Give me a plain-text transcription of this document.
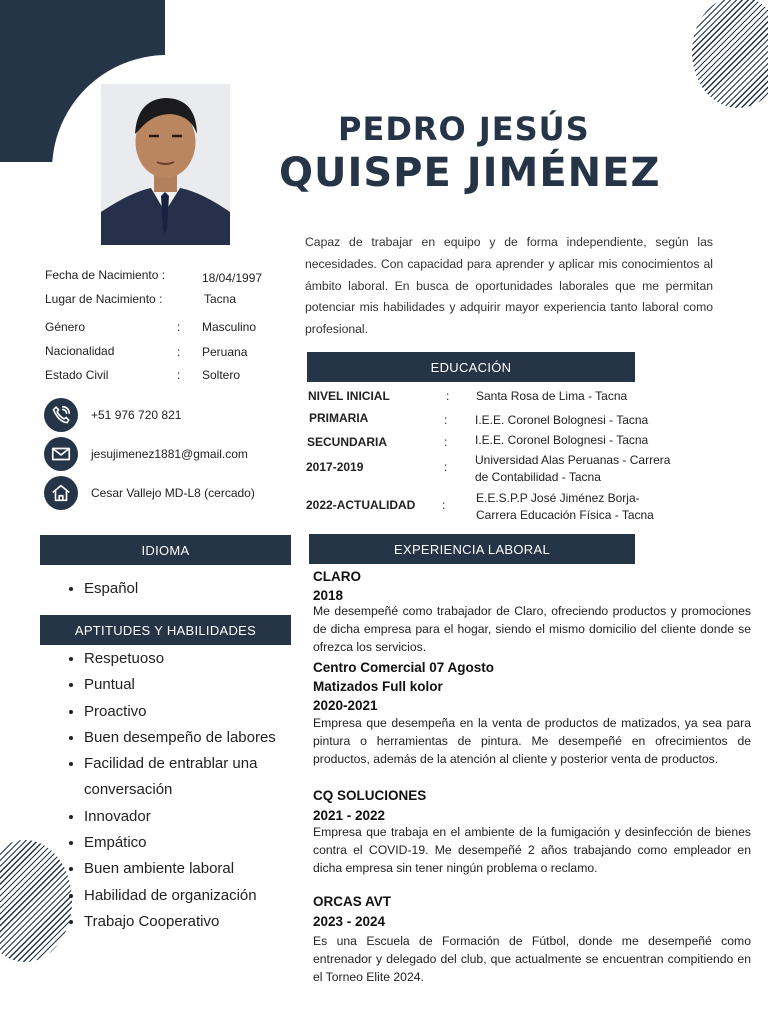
PEDRO JESÚS
QUISPE JIMÉNEZ
Capaz de trabajar en equipo y de forma independiente, según las necesidades. Con capacidad para aprender y aplicar mis conocimientos al ámbito laboral. En busca de oportunidades laborales que me permitan potenciar mis habilidades y adquirir mayor experiencia tanto laboral como profesional.
Fecha de Nacimiento :	18/04/1997
Lugar de Nacimiento :	Tacna
Género	: Masculino
Nacionalidad	: Peruana
Estado Civil	: Soltero
+51 976 720 821
jesujimenez1881@gmail.com
Cesar Vallejo MD-L8 (cercado)
EDUCACIÓN
NIVEL INICIAL	: Santa Rosa de Lima - Tacna
PRIMARIA	: I.E.E. Coronel Bolognesi - Tacna
SECUNDARIA	: I.E.E. Coronel Bolognesi - Tacna
2017-2019	: Universidad Alas Peruanas - Carrera
de Contabilidad - Tacna
2022-ACTUALIDAD :	E.E.S.P.P José Jiménez Borja-
Carrera Educación Física - Tacna
IDIOMA
• Español
APTITUDES Y HABILIDADES
• Respetuoso
• Puntual
• Proactivo
• Buen desempeño de labores
• Facilidad de entrablar una conversación
• Innovador
• Empático
• Buen ambiente laboral
• Habilidad de organización
• Trabajo Cooperativo
EXPERIENCIA LABORAL
CLARO
2018
Me desempeñé como trabajador de Claro, ofreciendo productos y promociones de dicha empresa para el hogar, siendo el mismo domicilio del cliente donde se ofrezca los servicios.
Centro Comercial 07 Agosto
Matizados Full kolor
2020-2021
Empresa que desempeña en la venta de productos de matizados, ya sea para pintura o herramientas de pintura. Me desempeñé en ofrecimientos de productos, además de la atención al cliente y posterior venta de productos.
CQ SOLUCIONES
2021 - 2022
Empresa que trabaja en el ambiente de la fumigación y desinfección de bienes contra el COVID-19. Me desempeñé 2 años trabajando como empleador en dicha empresa sin tener ningún problema o reclamo.
ORCAS AVT
2023 - 2024
Es una Escuela de Formación de Fútbol, donde me desempeñé como entrenador y delegado del club, que actualmente se encuentran compitiendo en el Torneo Elite 2024.
